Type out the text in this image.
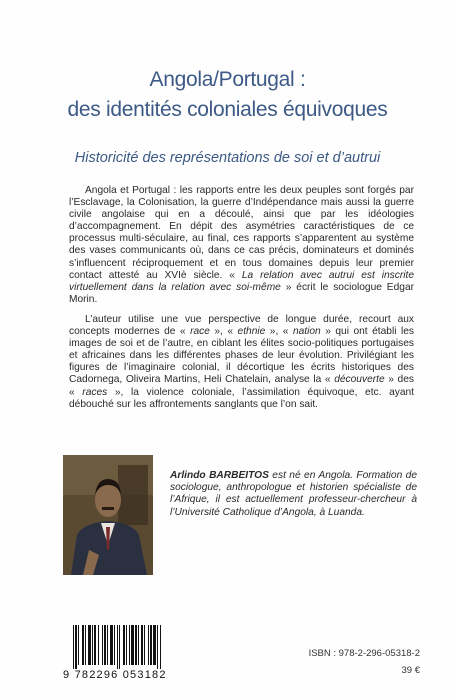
Angola/Portugal :
des identités coloniales équivoques
Historicité des représentations de soi et d’autrui
Angola et Portugal : les rapports entre les deux peuples sont forgés par l’Esclavage, la Colonisation, la guerre d’Indépendance mais aussi la guerre civile angolaise qui en a découlé, ainsi que par les idéologies d’accompagnement. En dépit des asymétries caractéristiques de ce processus multi-séculaire, au final, ces rapports s’apparentent au système des vases communicants où, dans ce cas précis, dominateurs et dominés s’influencent réciproquement et en tous domaines depuis leur premier contact attesté au XVIè siècle. « La relation avec autrui est inscrite virtuellement dans la relation avec soi-même » écrit le sociologue Edgar Morin.
L’auteur utilise une vue perspective de longue durée, recourt aux concepts modernes de « race », « ethnie », « nation » qui ont établi les images de soi et de l’autre, en ciblant les élites socio-politiques portugaises et africaines dans les différentes phases de leur évolution. Privilégiant les figures de l’imaginaire colonial, il décortique les écrits historiques des Cadornega, Oliveira Martins, Heli Chatelain, analyse la « découverte » des « races », la violence coloniale, l’assimilation équivoque, etc. ayant débouché sur les affrontements sanglants que l’on sait.
Arlindo BARBEITOS est né en Angola. Formation de sociologue, anthropologue et historien spécialiste de l’Afrique, il est actuellement professeur-chercheur à l’Université Catholique d’Angola, à Luanda.
9 782296 053182
ISBN : 978-2-296-05318-2
39 €
